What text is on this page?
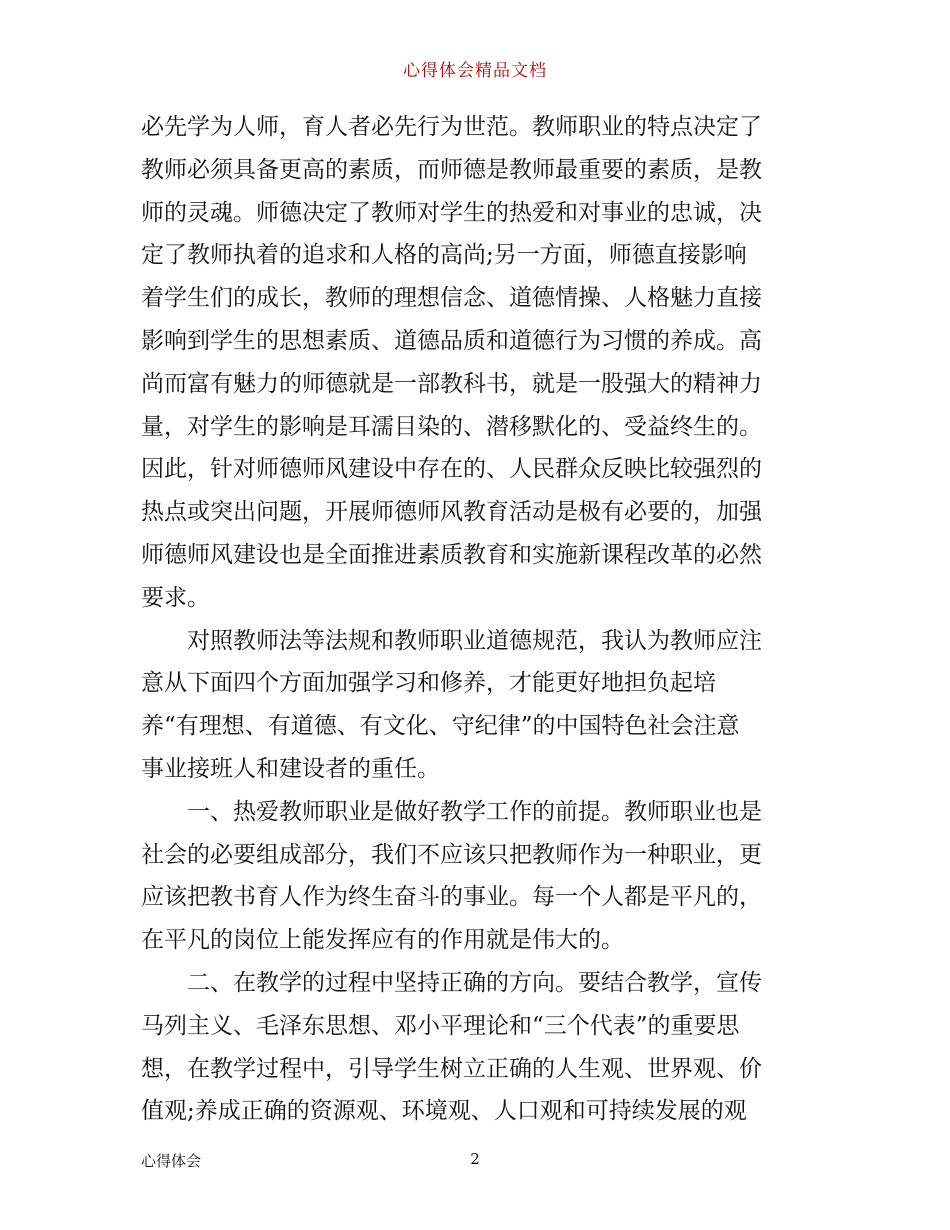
心得体会精品文档
必先学为人师，育人者必先行为世范。教师职业的特点决定了
教师必须具备更高的素质，而师德是教师最重要的素质，是教
师的灵魂。师德决定了教师对学生的热爱和对事业的忠诚，决
定了教师执着的追求和人格的高尚;另一方面，师德直接影响
着学生们的成长，教师的理想信念、道德情操、人格魅力直接
影响到学生的思想素质、道德品质和道德行为习惯的养成。高
尚而富有魅力的师德就是一部教科书，就是一股强大的精神力
量，对学生的影响是耳濡目染的、潜移默化的、受益终生的。
因此，针对师德师风建设中存在的、人民群众反映比较强烈的
热点或突出问题，开展师德师风教育活动是极有必要的，加强
师德师风建设也是全面推进素质教育和实施新课程改革的必然
要求。
对照教师法等法规和教师职业道德规范，我认为教师应注
意从下面四个方面加强学习和修养，才能更好地担负起培
养“有理想、有道德、有文化、守纪律”的中国特色社会注意
事业接班人和建设者的重任。
一、热爱教师职业是做好教学工作的前提。教师职业也是
社会的必要组成部分，我们不应该只把教师作为一种职业，更
应该把教书育人作为终生奋斗的事业。每一个人都是平凡的，
在平凡的岗位上能发挥应有的作用就是伟大的。
二、在教学的过程中坚持正确的方向。要结合教学，宣传
马列主义、毛泽东思想、邓小平理论和“三个代表”的重要思
想，在教学过程中，引导学生树立正确的人生观、世界观、价
值观;养成正确的资源观、环境观、人口观和可持续发展的观
心得体会	2
